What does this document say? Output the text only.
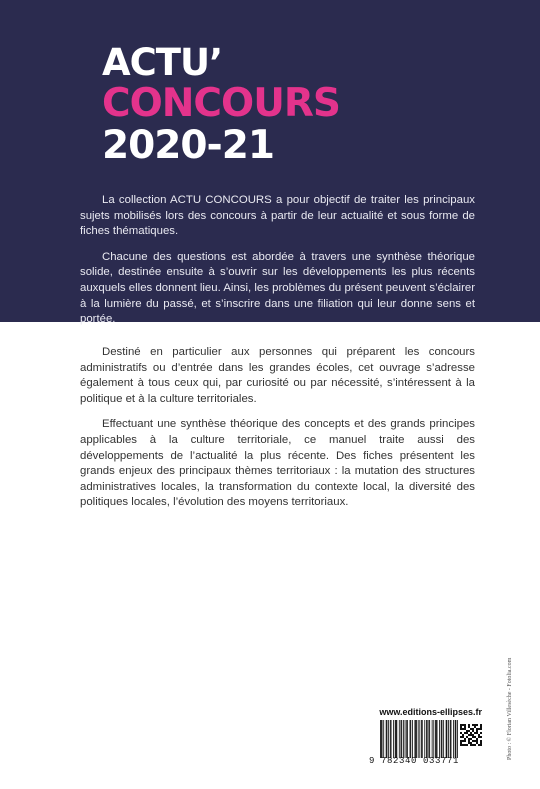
ACTU’
CONCOURS
2020-21

La collection ACTU CONCOURS a pour objectif de traiter les principaux sujets mobilisés lors des concours à partir de leur actualité et sous forme de fiches thématiques.

Chacune des questions est abordée à travers une synthèse théorique solide, destinée ensuite à s’ouvrir sur les développements les plus récents auxquels elles donnent lieu. Ainsi, les problèmes du présent peuvent s’éclairer à la lumière du passé, et s’inscrire dans une filiation qui leur donne sens et portée.

Destiné en particulier aux personnes qui préparent les concours administratifs ou d’entrée dans les grandes écoles, cet ouvrage s’adresse également à tous ceux qui, par curiosité ou par nécessité, s’intéressent à la politique et à la culture territoriales.

Effectuant une synthèse théorique des concepts et des grands principes applicables à la culture territoriale, ce manuel traite aussi des développements de l’actualité la plus récente. Des fiches présentent les grands enjeux des principaux thèmes territoriaux : la mutation des structures administratives locales, la transformation du contexte local, la diversité des politiques locales, l’évolution des moyens territoriaux.

Photo : © Florian Villesèche - Fotolia.com
www.editions-ellipses.fr
9 782340 033771
